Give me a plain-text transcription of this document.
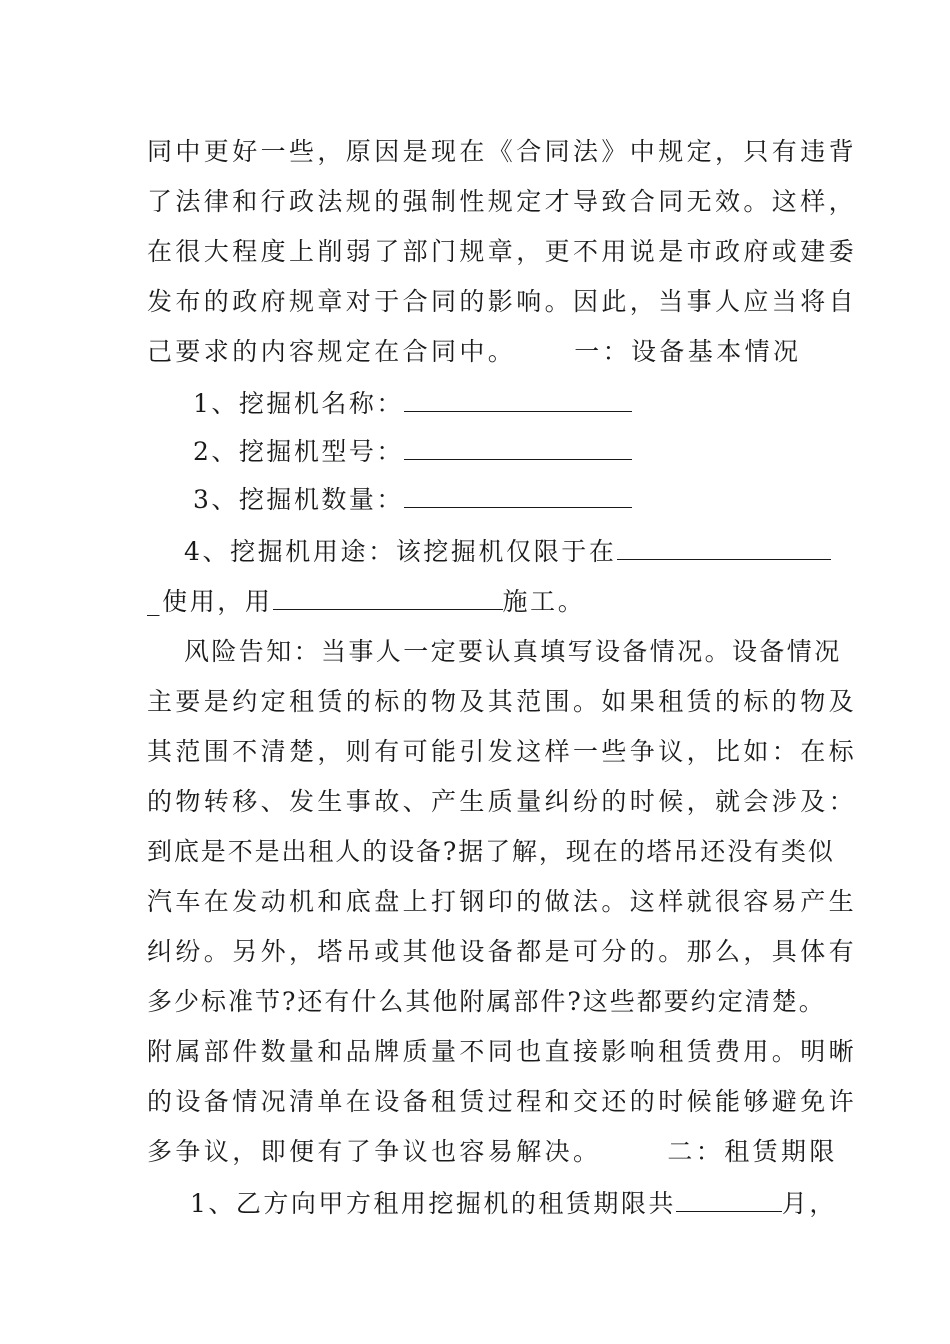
同中更好一些，原因是现在《合同法》中规定，只有违背
了法律和行政法规的强制性规定才导致合同无效。这样，
在很大程度上削弱了部门规章，更不用说是市政府或建委
发布的政府规章对于合同的影响。因此，当事人应当将自
己要求的内容规定在合同中。 一：设备基本情况
1、挖掘机名称：
2、挖掘机型号：
3、挖掘机数量：
4、挖掘机用途：该挖掘机仅限于在
_使用，用	施工。
风险告知：当事人一定要认真填写设备情况。设备情况
主要是约定租赁的标的物及其范围。如果租赁的标的物及
其范围不清楚，则有可能引发这样一些争议，比如：在标
的物转移、发生事故、产生质量纠纷的时候，就会涉及：
到底是不是出租人的设备?据了解，现在的塔吊还没有类似
汽车在发动机和底盘上打钢印的做法。这样就很容易产生
纠纷。另外，塔吊或其他设备都是可分的。那么，具体有
多少标准节?还有什么其他附属部件?这些都要约定清楚。
附属部件数量和品牌质量不同也直接影响租赁费用。明晰
的设备情况清单在设备租赁过程和交还的时候能够避免许
多争议，即便有了争议也容易解决。	二：租赁期限
1、乙方向甲方租用挖掘机的租赁期限共	月，
